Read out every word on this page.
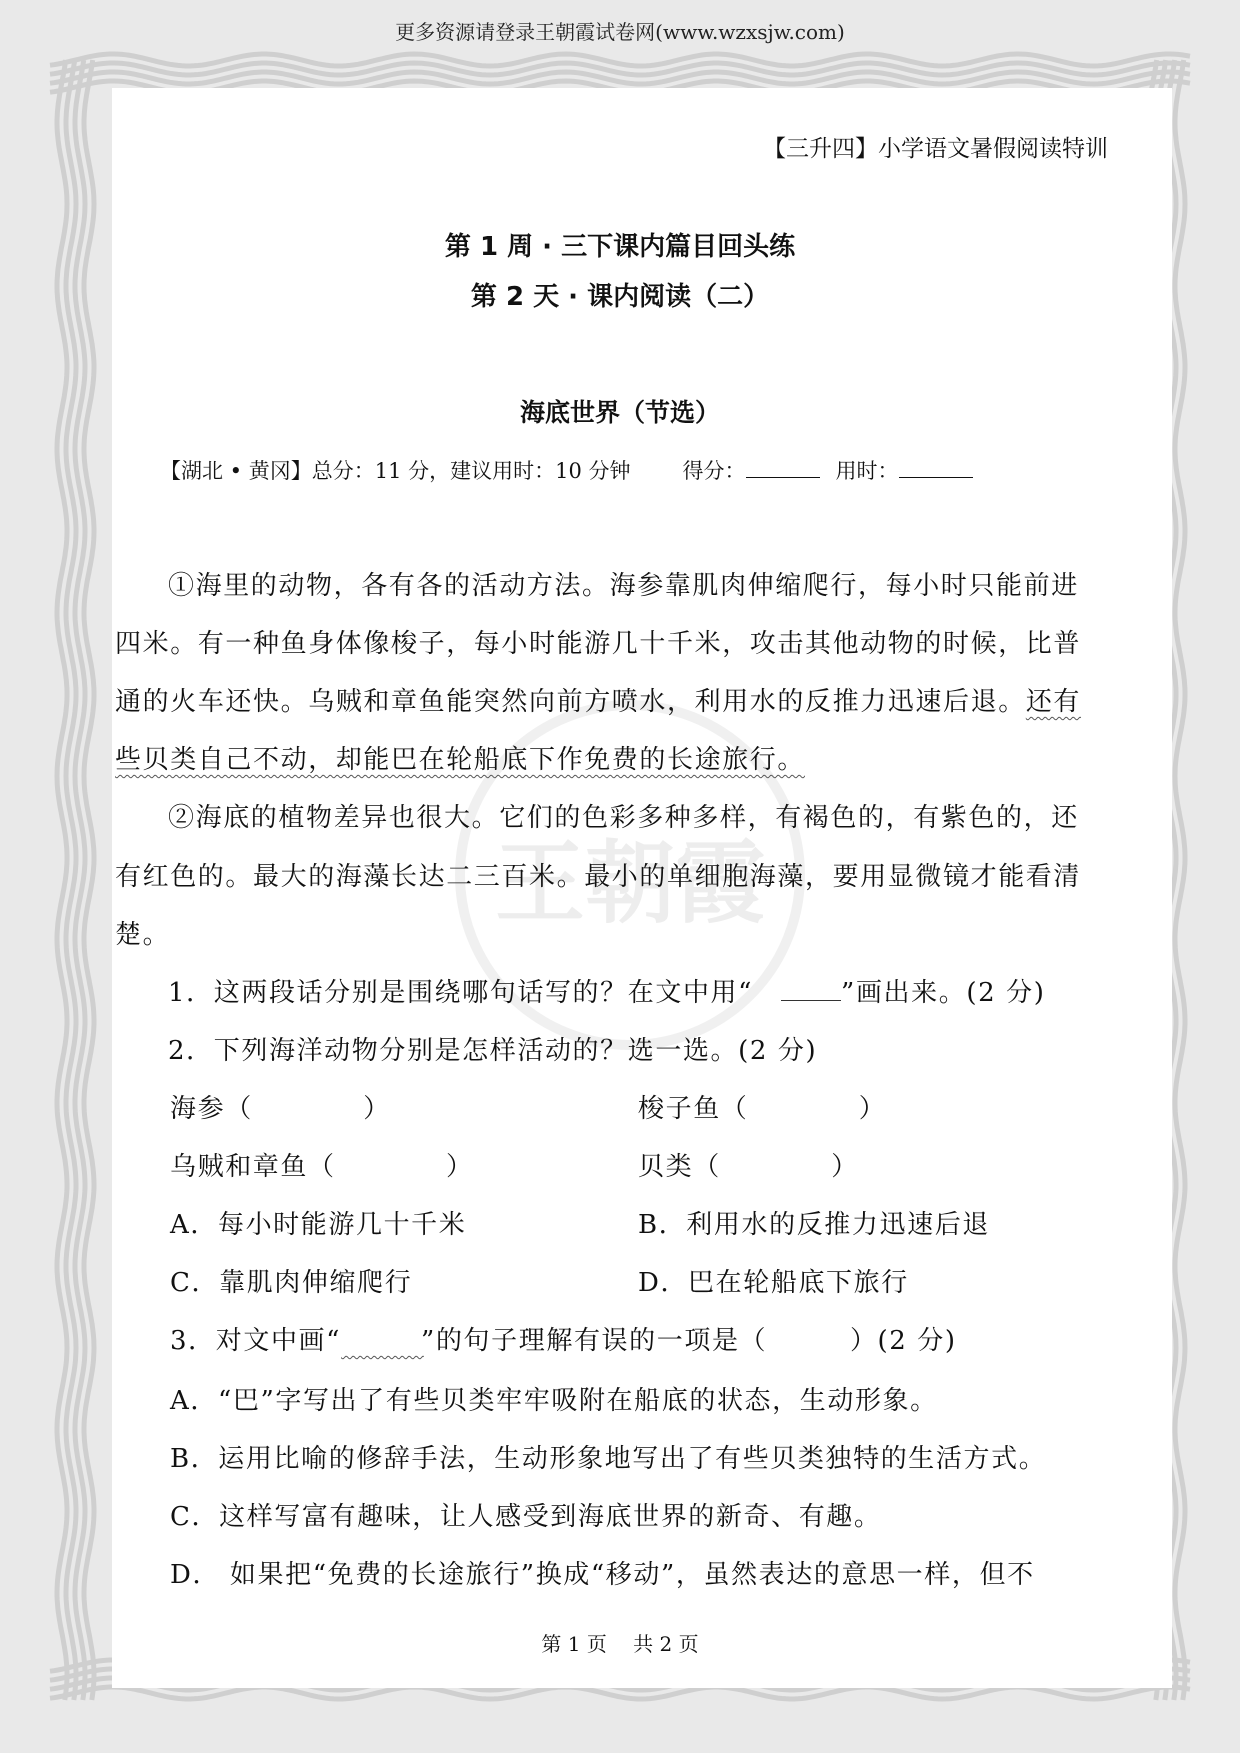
王朝霞
更多资源请登录王朝霞试卷网(www.wzxsjw.com)
【三升四】小学语文暑假阅读特训
第 1 周 · 三下课内篇目回头练
第 2 天 · 课内阅读（二）
海底世界（节选）
【湖北 • 黄冈】总分：11 分，建议用时：10 分钟 得分：	用时：
①海里的动物，各有各的活动方法。海参靠肌肉伸缩爬行，每小时只能前进
四米。有一种鱼身体像梭子，每小时能游几十千米，攻击其他动物的时候，比普
通的火车还快。乌贼和章鱼能突然向前方喷水，利用水的反推力迅速后退。还有
些贝类自己不动，却能巴在轮船底下作免费的长途旅行。
②海底的植物差异也很大。它们的色彩多种多样，有褐色的，有紫色的，还
有红色的。最大的海藻长达二三百米。最小的单细胞海藻，要用显微镜才能看清
楚。
1．这两段话分别是围绕哪句话写的？在文中用“	”画出来。(2 分)
2．下列海洋动物分别是怎样活动的？选一选。(2 分)
海参（　　　　）	梭子鱼（　　　　）
乌贼和章鱼（　　　　）	贝类（　　　　）
A．每小时能游几十千米	B．利用水的反推力迅速后退
C．靠肌肉伸缩爬行	D．巴在轮船底下旅行
3．对文中画“　　　	”的句子理解有误的一项是（　　　）(2 分)
A．“巴”字写出了有些贝类牢牢吸附在船底的状态，生动形象。
B．运用比喻的修辞手法，生动形象地写出了有些贝类独特的生活方式。
C．这样写富有趣味，让人感受到海底世界的新奇、有趣。
D． 如果把“免费的长途旅行”换成“移动”，虽然表达的意思一样，但不
第 1 页　 共 2 页
